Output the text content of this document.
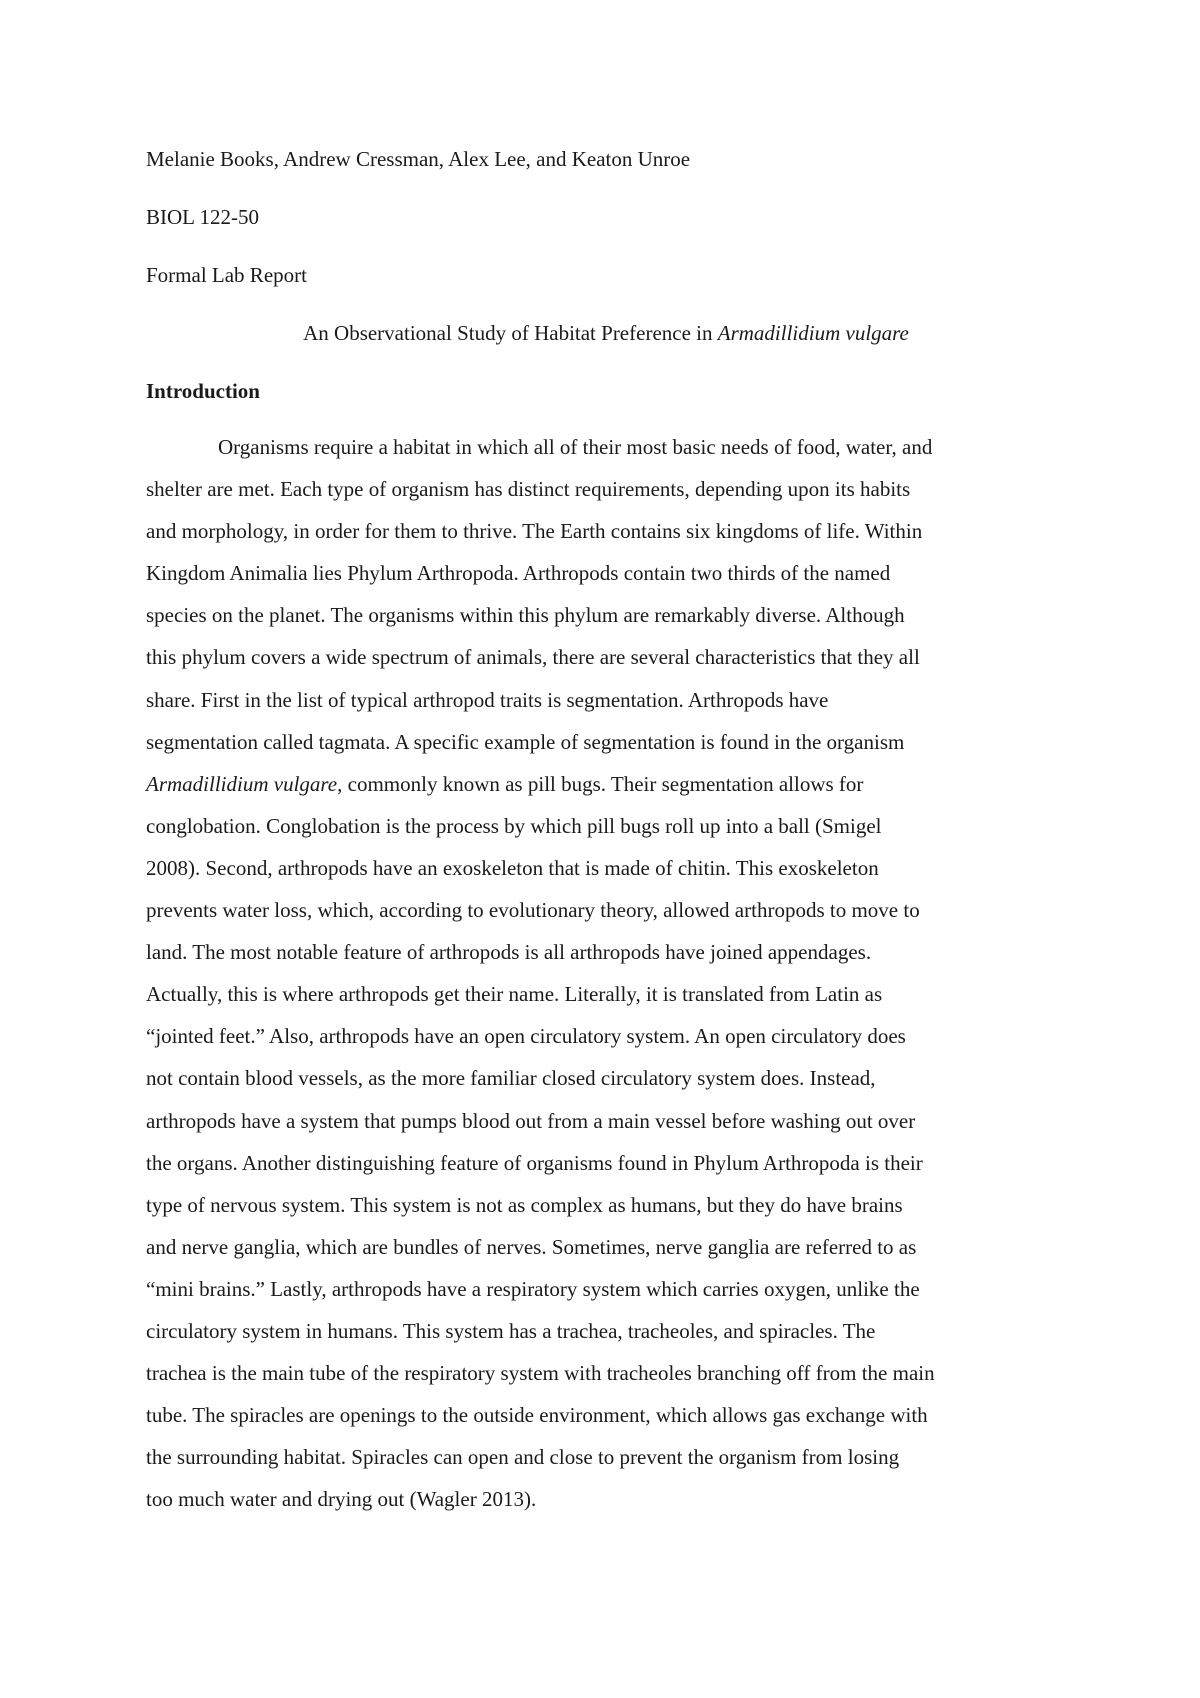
Melanie Books, Andrew Cressman, Alex Lee, and Keaton Unroe

BIOL 122-50

Formal Lab Report

An Observational Study of Habitat Preference in Armadillidium vulgare

Introduction

Organisms require a habitat in which all of their most basic needs of food, water, and
shelter are met. Each type of organism has distinct requirements, depending upon its habits
and morphology, in order for them to thrive. The Earth contains six kingdoms of life. Within
Kingdom Animalia lies Phylum Arthropoda. Arthropods contain two thirds of the named
species on the planet. The organisms within this phylum are remarkably diverse. Although
this phylum covers a wide spectrum of animals, there are several characteristics that they all
share. First in the list of typical arthropod traits is segmentation. Arthropods have
segmentation called tagmata. A specific example of segmentation is found in the organism
Armadillidium vulgare, commonly known as pill bugs. Their segmentation allows for
conglobation. Conglobation is the process by which pill bugs roll up into a ball (Smigel
2008). Second, arthropods have an exoskeleton that is made of chitin. This exoskeleton
prevents water loss, which, according to evolutionary theory, allowed arthropods to move to
land. The most notable feature of arthropods is all arthropods have joined appendages.
Actually, this is where arthropods get their name. Literally, it is translated from Latin as
“jointed feet.” Also, arthropods have an open circulatory system. An open circulatory does
not contain blood vessels, as the more familiar closed circulatory system does. Instead,
arthropods have a system that pumps blood out from a main vessel before washing out over
the organs. Another distinguishing feature of organisms found in Phylum Arthropoda is their
type of nervous system. This system is not as complex as humans, but they do have brains
and nerve ganglia, which are bundles of nerves. Sometimes, nerve ganglia are referred to as
“mini brains.” Lastly, arthropods have a respiratory system which carries oxygen, unlike the
circulatory system in humans. This system has a trachea, tracheoles, and spiracles. The
trachea is the main tube of the respiratory system with tracheoles branching off from the main
tube. The spiracles are openings to the outside environment, which allows gas exchange with
the surrounding habitat. Spiracles can open and close to prevent the organism from losing
too much water and drying out (Wagler 2013).
